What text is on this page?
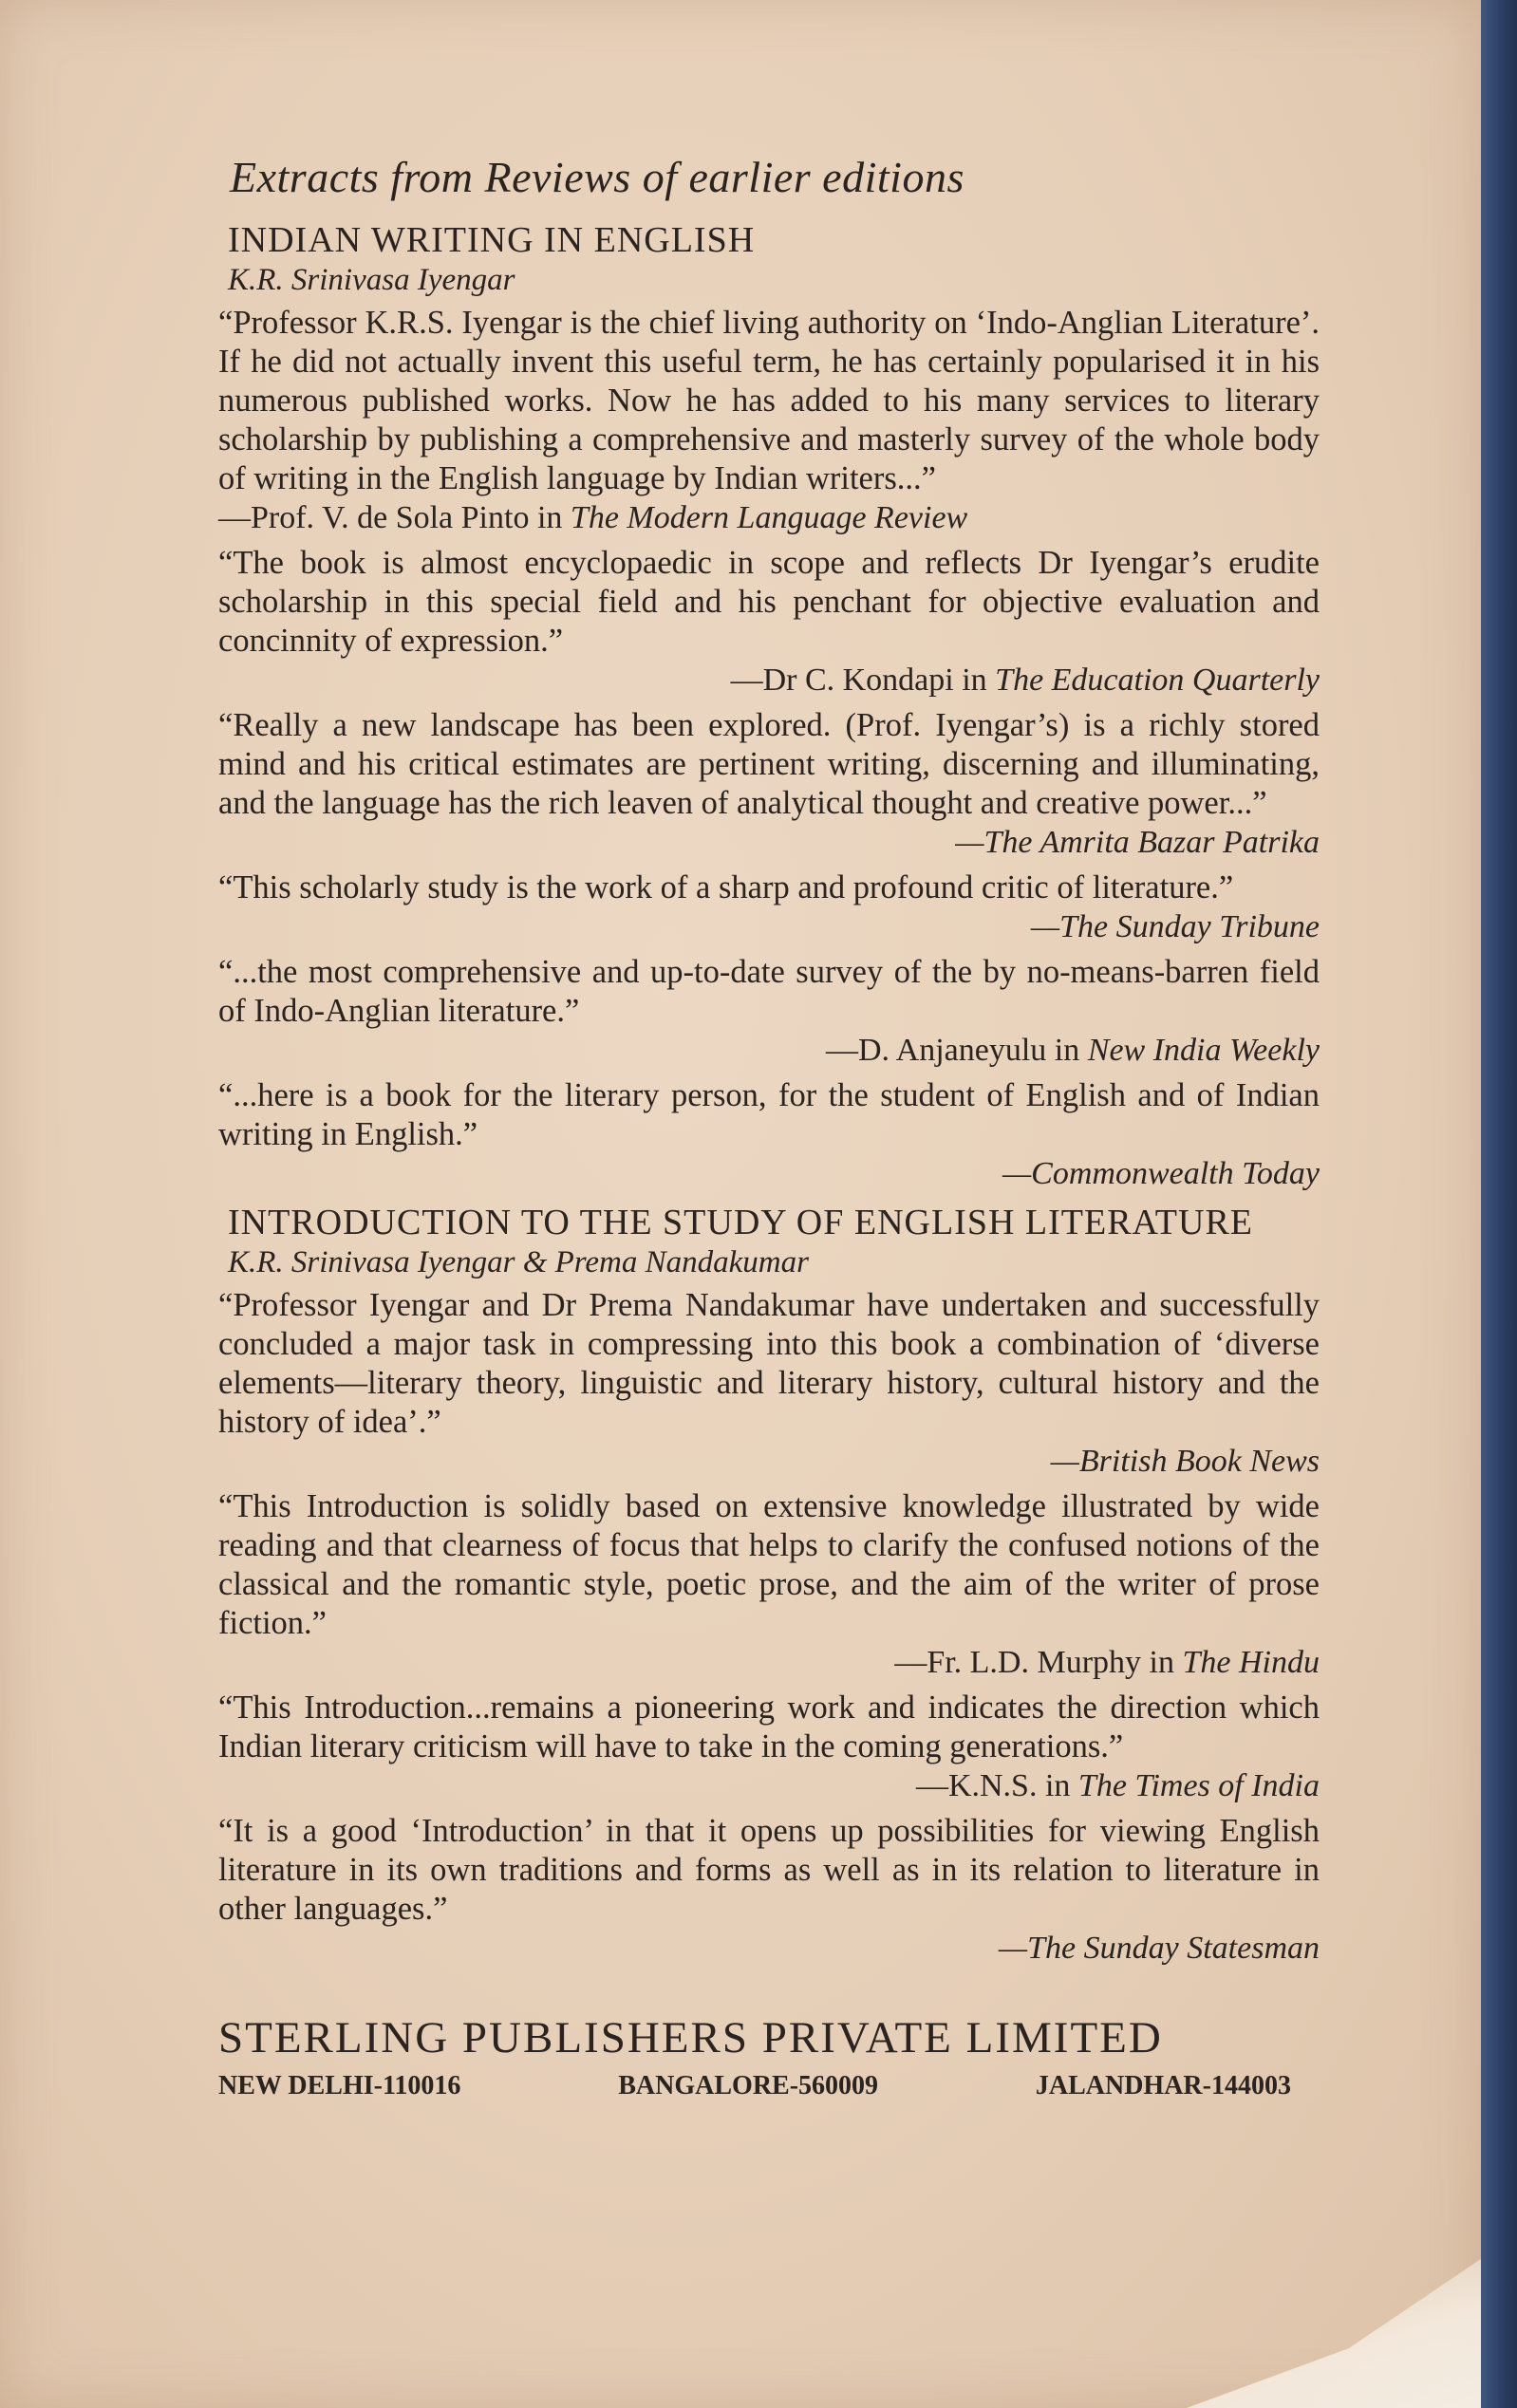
Extracts from Reviews of earlier editions
INDIAN WRITING IN ENGLISH
K.R. Srinivasa Iyengar

“Professor K.R.S. Iyengar is the chief living authority on ‘Indo-Anglian Literature’. If he did not actually invent this useful term, he has certainly popularised it in his numerous published works. Now he has added to his many services to literary scholarship by publishing a comprehensive and masterly survey of the whole body of writing in the English language by Indian writers...”

—Prof. V. de Sola Pinto in The Modern Language Review

“The book is almost encyclopaedic in scope and reflects Dr Iyengar’s erudite scholarship in this special field and his penchant for objective evaluation and concinnity of expression.”

—Dr C. Kondapi in The Education Quarterly

“Really a new landscape has been explored. (Prof. Iyengar’s) is a richly stored mind and his critical estimates are pertinent writing, discerning and illuminating, and the language has the rich leaven of analytical thought and creative power...”

—The Amrita Bazar Patrika

“This scholarly study is the work of a sharp and profound critic of literature.”

—The Sunday Tribune

“...the most comprehensive and up-to-date survey of the by no-means-barren field of Indo-Anglian literature.”

—D. Anjaneyulu in New India Weekly

“...here is a book for the literary person, for the student of English and of Indian writing in English.”

—Commonwealth Today
INTRODUCTION TO THE STUDY OF ENGLISH LITERATURE
K.R. Srinivasa Iyengar & Prema Nandakumar

“Professor Iyengar and Dr Prema Nandakumar have undertaken and successfully concluded a major task in compressing into this book a combination of ‘diverse elements—literary theory, linguistic and literary history, cultural history and the history of idea’.”

—British Book News

“This Introduction is solidly based on extensive knowledge illustrated by wide reading and that clearness of focus that helps to clarify the confused notions of the classical and the romantic style, poetic prose, and the aim of the writer of prose fiction.”

—Fr. L.D. Murphy in The Hindu

“This Introduction...remains a pioneering work and indicates the direction which Indian literary criticism will have to take in the coming generations.”

—K.N.S. in The Times of India

“It is a good ‘Introduction’ in that it opens up possibilities for viewing English literature in its own traditions and forms as well as in its relation to literature in other languages.”

—The Sunday Statesman
STERLING PUBLISHERS PRIVATE LIMITED
NEW DELHI-110016	BANGALORE-560009	JALANDHAR-144003
